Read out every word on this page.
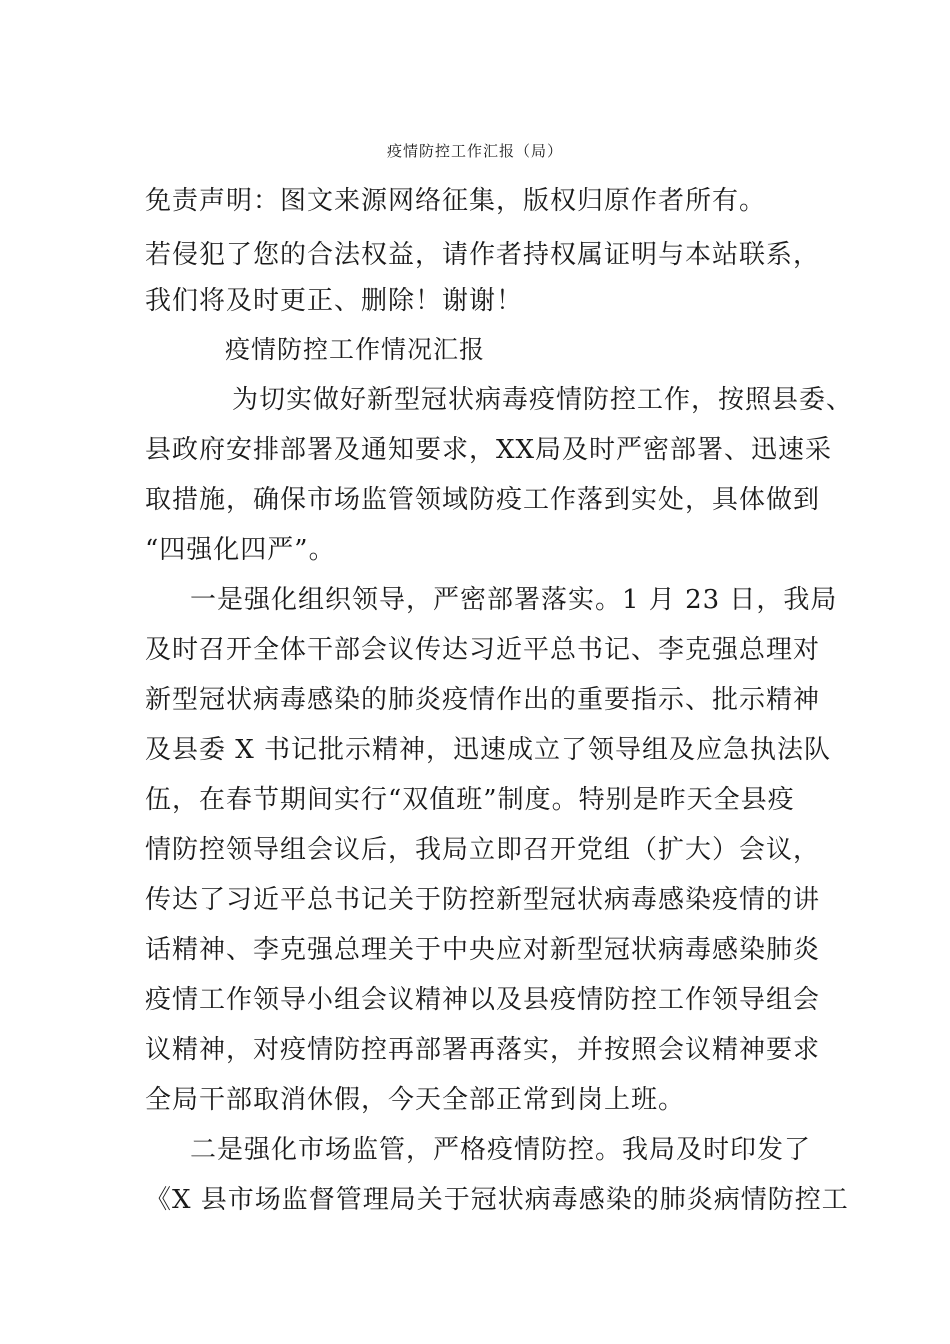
疫情防控工作汇报（局）
免责声明：图文来源网络征集，版权归原作者所有。
若侵犯了您的合法权益，请作者持权属证明与本站联系，
我们将及时更正、删除！谢谢！
疫情防控工作情况汇报
为切实做好新型冠状病毒疫情防控工作，按照县委、
县政府安排部署及通知要求，XX局及时严密部署、迅速采
取措施，确保市场监管领域防疫工作落到实处，具体做到
“四强化四严”。
一是强化组织领导，严密部署落实。1 月 23 日，我局
及时召开全体干部会议传达习近平总书记、李克强总理对
新型冠状病毒感染的肺炎疫情作出的重要指示、批示精神
及县委 X 书记批示精神，迅速成立了领导组及应急执法队
伍，在春节期间实行“双值班”制度。特别是昨天全县疫
情防控领导组会议后，我局立即召开党组（扩大）会议，
传达了习近平总书记关于防控新型冠状病毒感染疫情的讲
话精神、李克强总理关于中央应对新型冠状病毒感染肺炎
疫情工作领导小组会议精神以及县疫情防控工作领导组会
议精神，对疫情防控再部署再落实，并按照会议精神要求
全局干部取消休假，今天全部正常到岗上班。
二是强化市场监管，严格疫情防控。我局及时印发了
《X 县市场监督管理局关于冠状病毒感染的肺炎病情防控工
